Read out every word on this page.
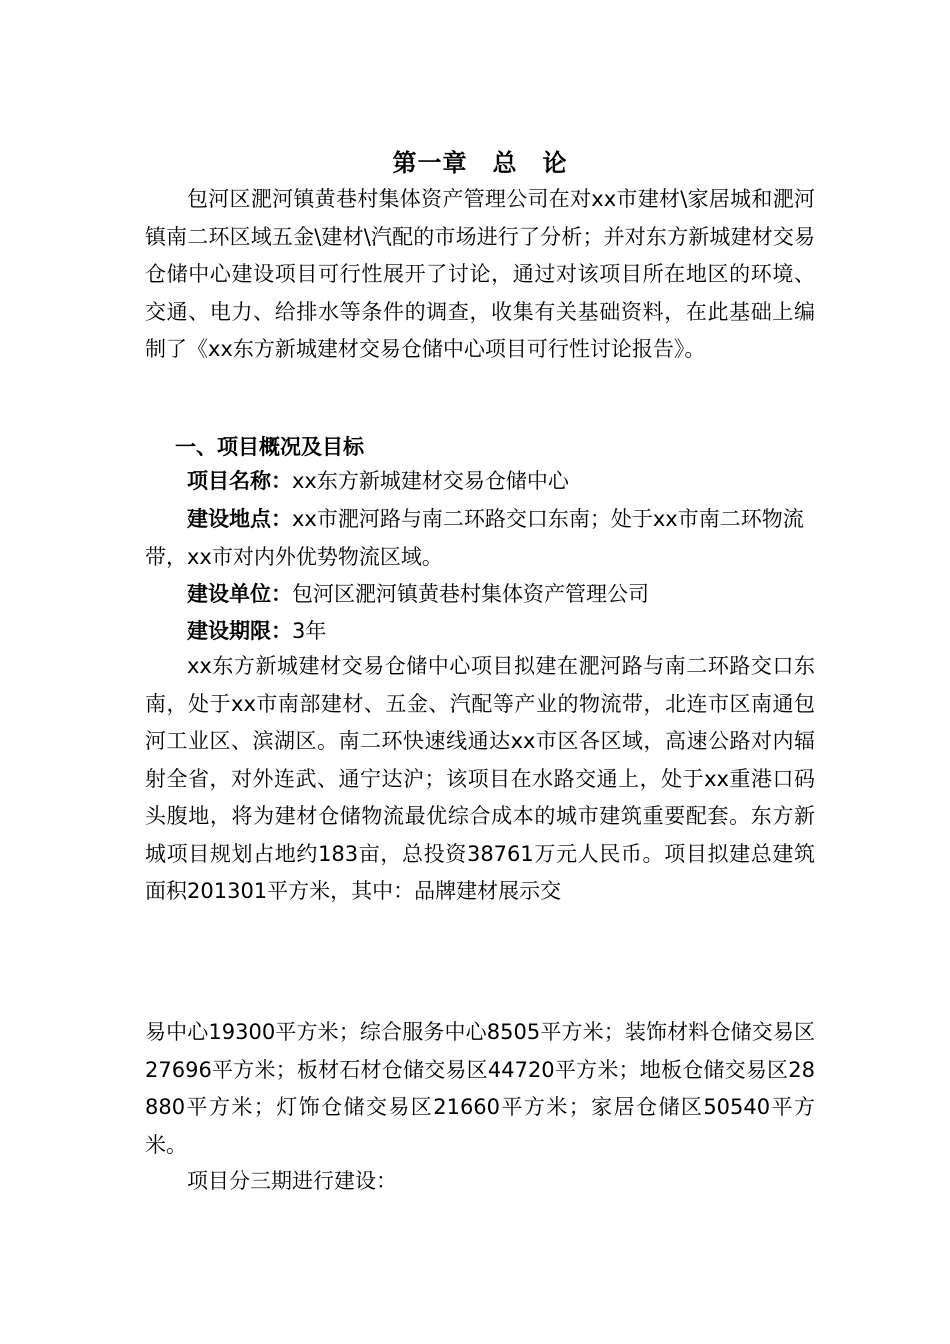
第一章　总　论
包河区淝河镇黄巷村集体资产管理公司在对xx市建材\家居城和淝河镇南二环区域五金\建材\汽配的市场进行了分析；并对东方新城建材交易仓储中心建设项目可行性展开了讨论，通过对该项目所在地区的环境、交通、电力、给排水等条件的调查，收集有关基础资料，在此基础上编制了《xx东方新城建材交易仓储中心项目可行性讨论报告》。
一、项目概况及目标
项目名称：xx东方新城建材交易仓储中心
建设地点：xx市淝河路与南二环路交口东南；处于xx市南二环物流带，xx市对内外优势物流区域。
建设单位：包河区淝河镇黄巷村集体资产管理公司
建设期限：3年
xx东方新城建材交易仓储中心项目拟建在淝河路与南二环路交口东南，处于xx市南部建材、五金、汽配等产业的物流带，北连市区南通包河工业区、滨湖区。南二环快速线通达xx市区各区域，高速公路对内辐射全省，对外连武、通宁达沪；该项目在水路交通上，处于xx重港口码头腹地，将为建材仓储物流最优综合成本的城市建筑重要配套。东方新城项目规划占地约183亩，总投资38761万元人民币。项目拟建总建筑面积201301平方米，其中：品牌建材展示交
易中心19300平方米；综合服务中心8505平方米；装饰材料仓储交易区27696平方米；板材石材仓储交易区44720平方米；地板仓储交易区28880平方米；灯饰仓储交易区21660平方米；家居仓储区50540平方米。
项目分三期进行建设：
